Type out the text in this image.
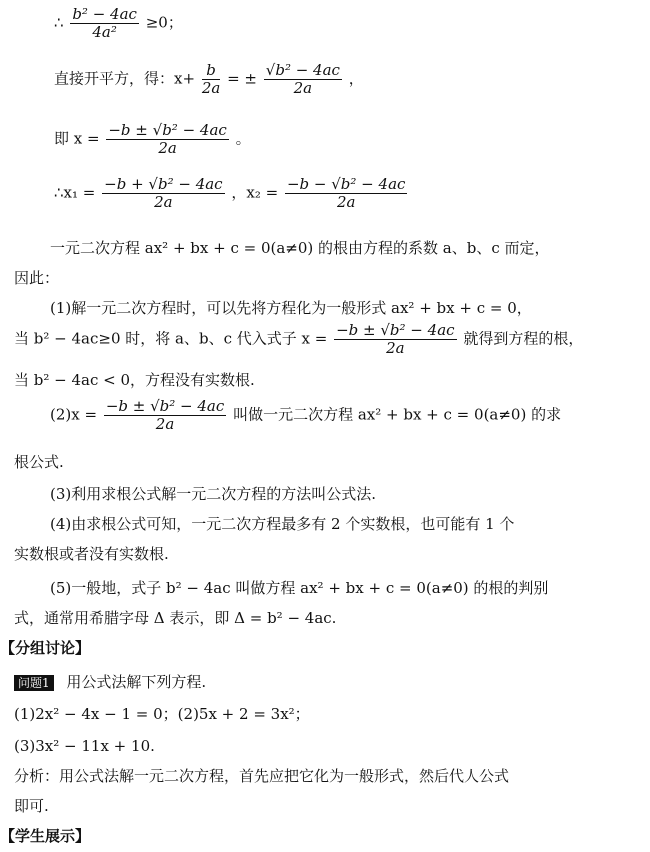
∴ $\frac{\text{b² − 4ac}}{\text{4a²}} \ge 0$；
直接开平方，得：$x+ \frac{b}{2a}$ = ± $\frac{\text{√b² − 4ac}}{2a}$ ，
即 $x = \frac{\text{−b ± √b² − 4ac}}{2a}$ 。
∴x₁ = $\frac{\text{−b + √b² − 4ac}}{2a}$ ，$x_2 = \frac{\text{−b − √b² − 4ac}}{2a}$
一元二次方程 ax² + bx + c = 0(a≠0) 的根由方程的系数 a、b、c 而定，
因此：
(1)解一元二次方程时，可以先将方程化为一般形式 ax² + bx + c = 0，
当 b² − 4ac≥0 时，将 a、b、c 代入式子 $x = \frac{\text{−b ± √b² − 4ac}}{2a}$ 就得到方程的根，
当 b² − 4ac < 0，方程没有实数根.
$(2)x = \frac{\text{−b ± √b² − 4ac}}{2a}$ 叫做一元二次方程 ax² + bx + c = 0(a≠0) 的求
根公式.
(3)利用求根公式解一元二次方程的方法叫公式法.
(4)由求根公式可知，一元二次方程最多有 2 个实数根，也可能有 1 个
实数根或者没有实数根.
(5)一般地，式子 b² − 4ac 叫做方程 ax² + bx + c = 0(a≠0) 的根的判别
式，通常用希腊字母 Δ 表示，即 Δ = b² − 4ac.
【分组讨论】
问题1 用公式法解下列方程.
(1)2x² − 4x − 1 = 0；(2)5x + 2 = 3x²；
(3)3x² − 11x + 10.
分析：用公式法解一元二次方程，首先应把它化为一般形式，然后代人公式
即可.
【学生展示】
